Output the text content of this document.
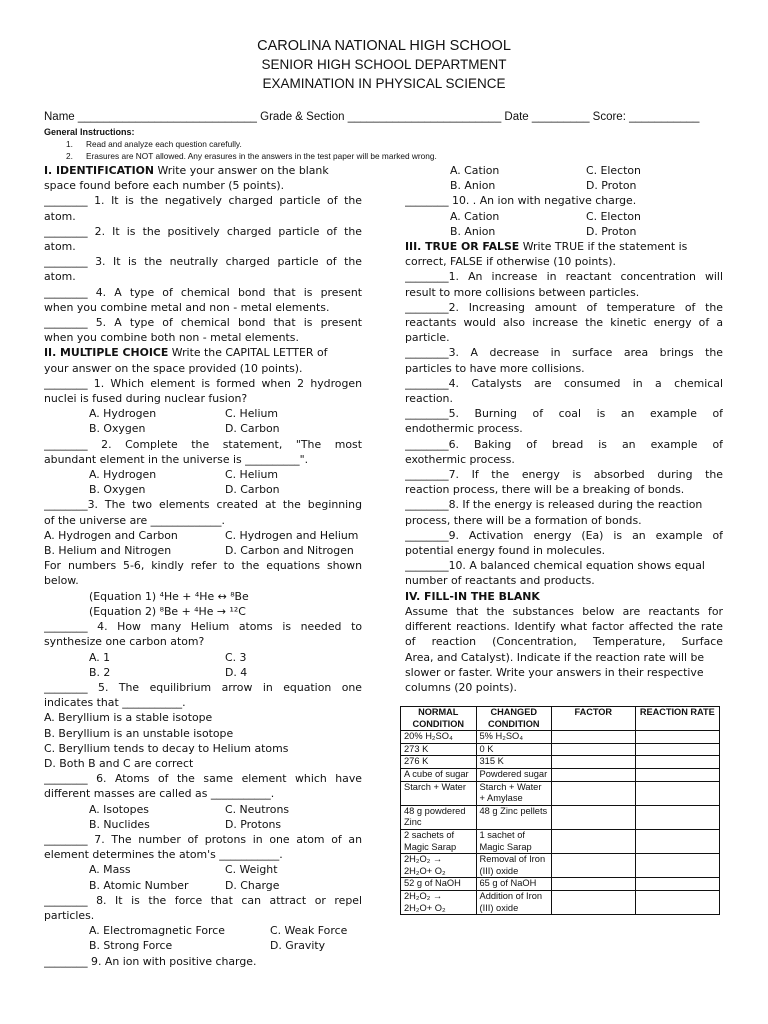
CAROLINA NATIONAL HIGH SCHOOL
SENIOR HIGH SCHOOL DEPARTMENT
EXAMINATION IN PHYSICAL SCIENCE
Name ____________________________ Grade & Section ________________________ Date _________ Score: ___________
General Instructions:
1. Read and analyze each question carefully.
2. Erasures are NOT allowed. Any erasures in the answers in the test paper will be marked wrong.
I. IDENTIFICATION Write your answer on the blank
space found before each number (5 points).
________ 1. It is the negatively charged particle of the
atom.
________ 2. It is the positively charged particle of the
atom.
________ 3. It is the neutrally charged particle of the
atom.
________ 4. A type of chemical bond that is present
when you combine metal and non - metal elements.
________ 5. A type of chemical bond that is present
when you combine both non - metal elements.
II. MULTIPLE CHOICE Write the CAPITAL LETTER of
your answer on the space provided (10 points).
________ 1. Which element is formed when 2 hydrogen
nuclei is fused during nuclear fusion?
A. Hydrogen	C. Helium
B. Oxygen	D. Carbon
________ 2. Complete the statement, "The most
abundant element in the universe is __________".
A. Hydrogen	C. Helium
B. Oxygen	D. Carbon
________3. The two elements created at the beginning
of the universe are _____________.
A. Hydrogen and Carbon	C. Hydrogen and Helium
B. Helium and Nitrogen	D. Carbon and Nitrogen
For numbers 5-6, kindly refer to the equations shown
below.
(Equation 1) ⁴He + ⁴He ↔ ⁸Be
(Equation 2) ⁸Be + ⁴He → ¹²C
________ 4. How many Helium atoms is needed to
synthesize one carbon atom?
A. 1	C. 3
B. 2	D. 4
________ 5. The equilibrium arrow in equation one
indicates that ___________.
A. Beryllium is a stable isotope
B. Beryllium is an unstable isotope
C. Beryllium tends to decay to Helium atoms
D. Both B and C are correct
________ 6. Atoms of the same element which have
different masses are called as ___________.
A. Isotopes	C. Neutrons
B. Nuclides	D. Protons
________ 7. The number of protons in one atom of an
element determines the atom's ___________.
A. Mass	C. Weight
B. Atomic Number	D. Charge
________ 8. It is the force that can attract or repel
particles.
A. Electromagnetic Force	C. Weak Force
B. Strong Force	D. Gravity
________ 9. An ion with positive charge.
A. Cation	C. Electon
B. Anion	D. Proton
________ 10. . An ion with negative charge.
A. Cation	C. Electon
B. Anion	D. Proton
III. TRUE OR FALSE Write TRUE if the statement is
correct, FALSE if otherwise (10 points).
________1. An increase in reactant concentration will
result to more collisions between particles.
________2. Increasing amount of temperature of the
reactants would also increase the kinetic energy of a
particle.
________3. A decrease in surface area brings the
particles to have more collisions.
________4. Catalysts are consumed in a chemical
reaction.
________5. Burning of coal is an example of
endothermic process.
________6. Baking of bread is an example of
exothermic process.
________7. If the energy is absorbed during the
reaction process, there will be a breaking of bonds.
________8. If the energy is released during the reaction
process, there will be a formation of bonds.
________9. Activation energy (Ea) is an example of
potential energy found in molecules.
________10. A balanced chemical equation shows equal
number of reactants and products.
IV. FILL-IN THE BLANK
Assume that the substances below are reactants for
different reactions. Identify what factor affected the rate
of reaction (Concentration, Temperature, Surface
Area, and Catalyst). Indicate if the reaction rate will be
slower or faster. Write your answers in their respective
columns (20 points).
NORMAL CONDITION	CHANGED CONDITION	FACTOR	REACTION RATE
20% H₂SO₄	5% H₂SO₄		
273 K	0 K		
276 K	315 K		
A cube of sugar	Powdered sugar		
Starch + Water	Starch + Water + Amylase		
48 g powdered Zinc	48 g Zinc pellets		
2 sachets of Magic Sarap	1 sachet of Magic Sarap		
2H₂O₂ → 2H₂O+ O₂	Removal of Iron (III) oxide		
52 g of NaOH	65 g of NaOH		
2H₂O₂ → 2H₂O+ O₂	Addition of Iron (III) oxide		
